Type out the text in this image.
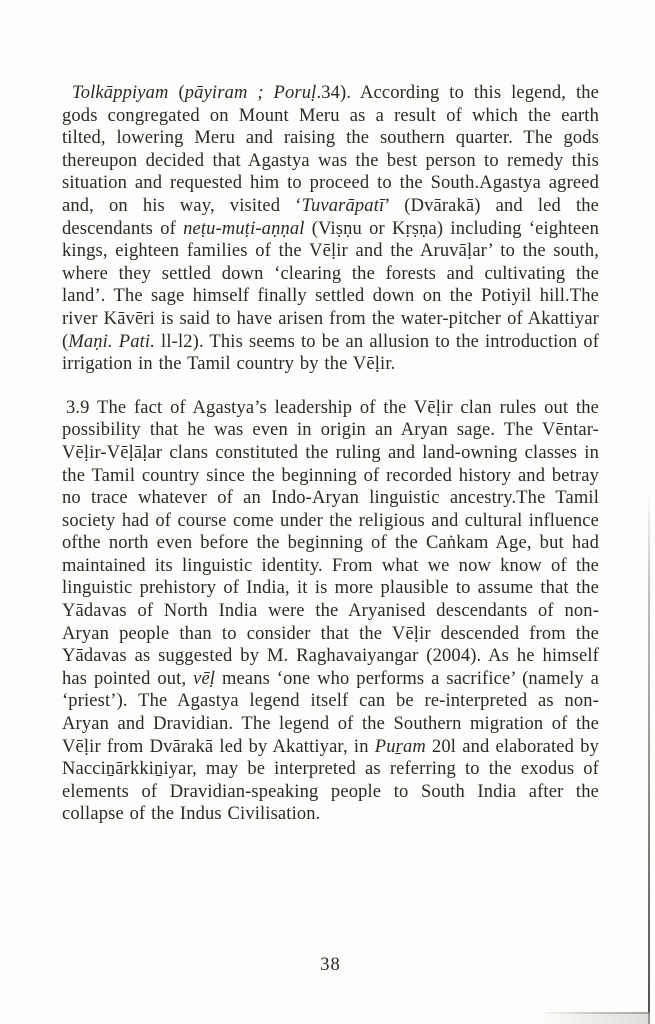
Tolkāppiyam (pāyiram ; Poruḷ.34). According to this legend, the gods congregated on Mount Meru as a result of which the earth tilted, lowering Meru and raising the southern quarter. The gods thereupon decided that Agastya was the best person to remedy this situation and requested him to proceed to the South.Agastya agreed and, on his way, visited ‘Tuvarāpatī’ (Dvārakā) and led the descendants of neṭu-muṭi-aṇṇal (Viṣṇu or Kṛṣṇa) including ‘eighteen kings, eighteen families of the Vēḷir and the Aruvāḷar’ to the south, where they settled down ‘clearing the forests and cultivating the land’. The sage himself finally settled down on the Potiyil hill.The river Kāvēri is said to have arisen from the water-pitcher of Akattiyar (Maṇi. Pati. ll-l2). This seems to be an allusion to the introduction of irrigation in the Tamil country by the Vēḷir.

3.9 The fact of Agastya’s leadership of the Vēḷir clan rules out the possibility that he was even in origin an Aryan sage. The Vēntar-Vēḷir-Vēḷāḷar clans constituted the ruling and land-owning classes in the Tamil country since the beginning of recorded history and betray no trace whatever of an Indo-Aryan linguistic ancestry.The Tamil society had of course come under the religious and cultural influence ofthe north even before the beginning of the Caṅkam Age, but had maintained its linguistic identity. From what we now know of the linguistic prehistory of India, it is more plausible to assume that the Yādavas of North India were the Aryanised descendants of non-Aryan people than to consider that the Vēḷir descended from the Yādavas as suggested by M. Raghavaiyangar (2004). As he himself has pointed out, vēḷ means ‘one who performs a sacrifice’ (namely a ‘priest’). The Agastya legend itself can be re-interpreted as non-Aryan and Dravidian. The legend of the Southern migration of the Vēḷir from Dvārakā led by Akattiyar, in Puṟam 20l and elaborated by Nacciṉārkkiṉiyar, may be interpreted as referring to the exodus of elements of Dravidian-speaking people to South India after the collapse of the Indus Civilisation.

38
